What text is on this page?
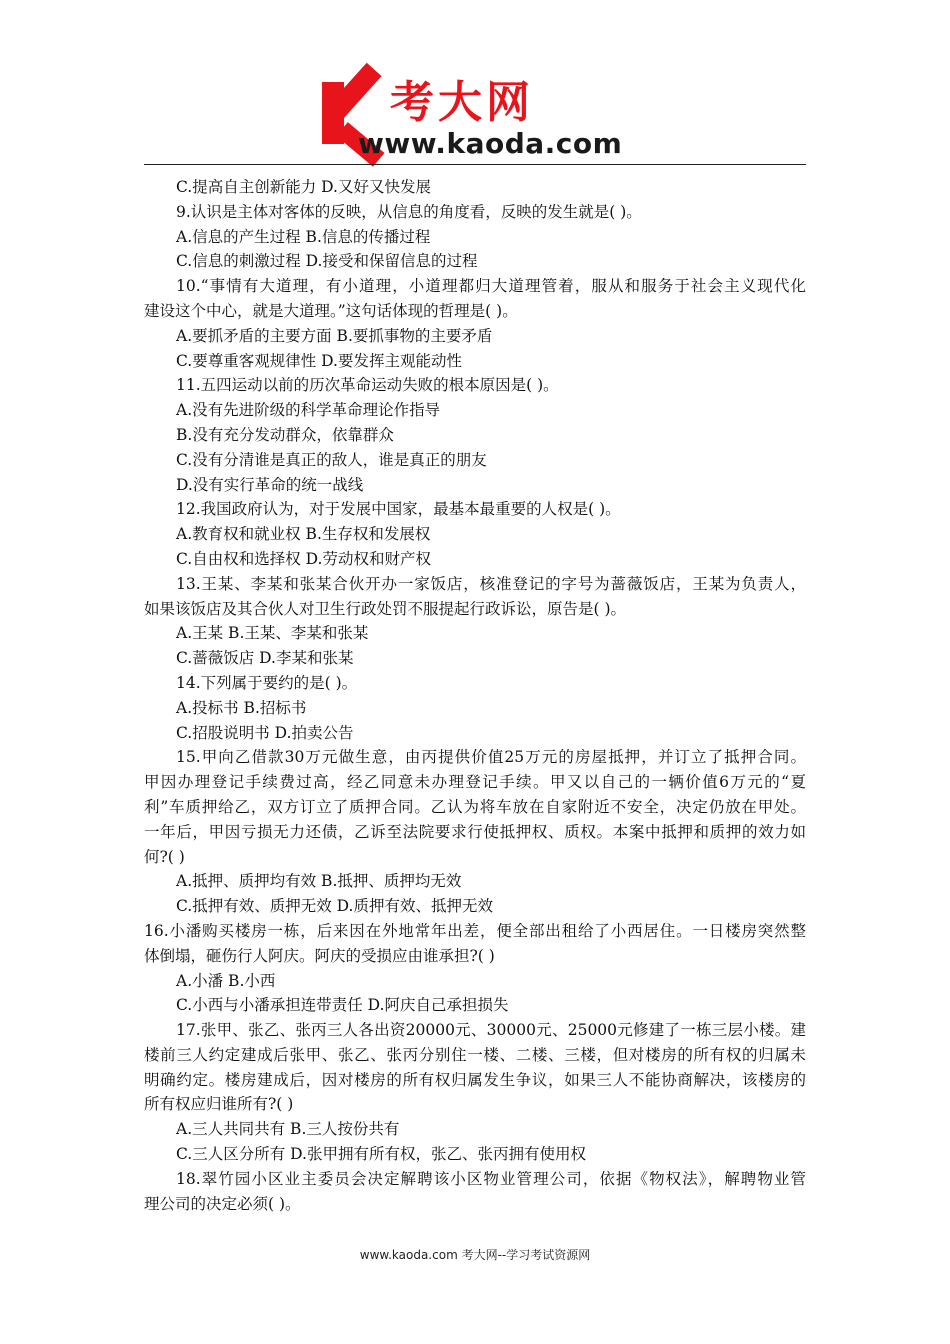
考大网
www.kaoda.com
C.提高自主创新能力 D.又好又快发展
9.认识是主体对客体的反映，从信息的角度看，反映的发生就是( )。
A.信息的产生过程 B.信息的传播过程
C.信息的刺激过程 D.接受和保留信息的过程
10.“事情有大道理，有小道理，小道理都归大道理管着，服从和服务于社会主义现代化
建设这个中心，就是大道理。”这句话体现的哲理是( )。
A.要抓矛盾的主要方面 B.要抓事物的主要矛盾
C.要尊重客观规律性 D.要发挥主观能动性
11.五四运动以前的历次革命运动失败的根本原因是( )。
A.没有先进阶级的科学革命理论作指导
B.没有充分发动群众，依靠群众
C.没有分清谁是真正的敌人，谁是真正的朋友
D.没有实行革命的统一战线
12.我国政府认为，对于发展中国家，最基本最重要的人权是( )。
A.教育权和就业权 B.生存权和发展权
C.自由权和选择权 D.劳动权和财产权
13.王某、李某和张某合伙开办一家饭店，核准登记的字号为蔷薇饭店，王某为负责人，
如果该饭店及其合伙人对卫生行政处罚不服提起行政诉讼，原告是( )。
A.王某 B.王某、李某和张某
C.蔷薇饭店 D.李某和张某
14.下列属于要约的是( )。
A.投标书 B.招标书
C.招股说明书 D.拍卖公告
15.甲向乙借款30万元做生意，由丙提供价值25万元的房屋抵押，并订立了抵押合同。
甲因办理登记手续费过高，经乙同意未办理登记手续。甲又以自己的一辆价值6万元的“夏
利”车质押给乙，双方订立了质押合同。乙认为将车放在自家附近不安全，决定仍放在甲处。
一年后，甲因亏损无力还债，乙诉至法院要求行使抵押权、质权。本案中抵押和质押的效力如
何?( )
A.抵押、质押均有效 B.抵押、质押均无效
C.抵押有效、质押无效 D.质押有效、抵押无效
16.小潘购买楼房一栋，后来因在外地常年出差，便全部出租给了小西居住。一日楼房突然整
体倒塌，砸伤行人阿庆。阿庆的受损应由谁承担?( )
A.小潘 B.小西
C.小西与小潘承担连带责任 D.阿庆自己承担损失
17.张甲、张乙、张丙三人各出资20000元、30000元、25000元修建了一栋三层小楼。建
楼前三人约定建成后张甲、张乙、张丙分别住一楼、二楼、三楼，但对楼房的所有权的归属未
明确约定。楼房建成后，因对楼房的所有权归属发生争议，如果三人不能协商解决，该楼房的
所有权应归谁所有?( )
A.三人共同共有 B.三人按份共有
C.三人区分所有 D.张甲拥有所有权，张乙、张丙拥有使用权
18.翠竹园小区业主委员会决定解聘该小区物业管理公司，依据《物权法》，解聘物业管
理公司的决定必须( )。
www.kaoda.com 考大网--学习考试资源网
